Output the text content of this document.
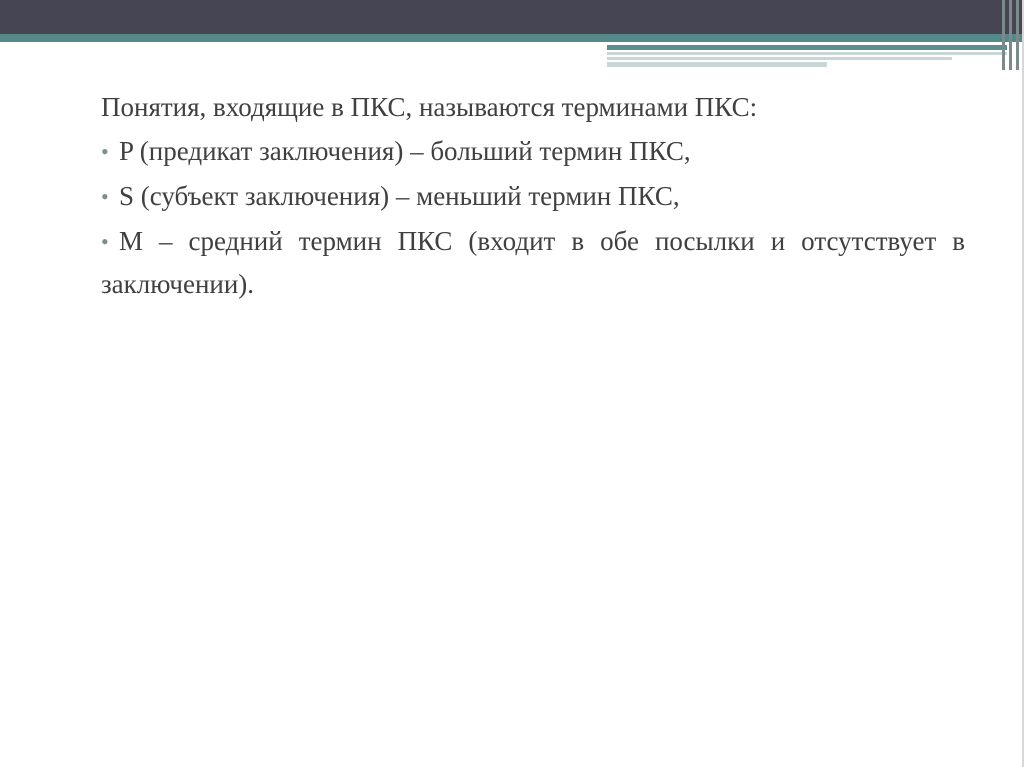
Понятия, входящие в ПКС, называются терминами ПКС:

• P (предикат заключения) – больший термин ПКС,

• S (субъект заключения) – меньший термин ПКС,

• M – средний термин ПКС (входит в обе посылки и отсутствует в заключении).
